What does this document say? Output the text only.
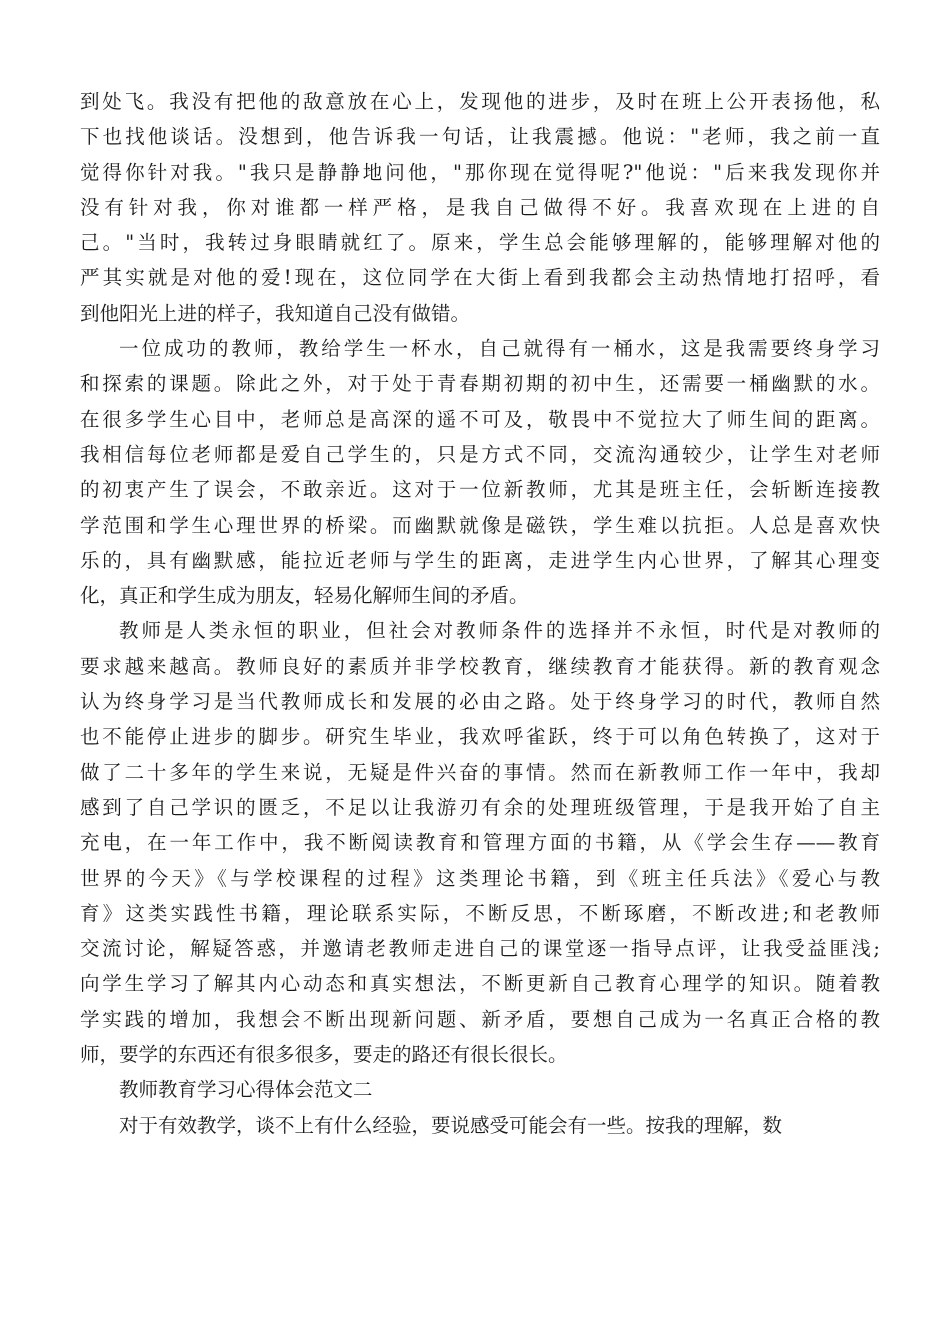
到处飞。我没有把他的敌意放在心上，发现他的进步，及时在班上公开表扬他，私
下也找他谈话。没想到，他告诉我一句话，让我震撼。他说："老师，我之前一直
觉得你针对我。"我只是静静地问他，"那你现在觉得呢?"他说："后来我发现你并
没有针对我，你对谁都一样严格，是我自己做得不好。我喜欢现在上进的自
己。"当时，我转过身眼睛就红了。原来，学生总会能够理解的，能够理解对他的
严其实就是对他的爱!现在，这位同学在大街上看到我都会主动热情地打招呼，看
到他阳光上进的样子，我知道自己没有做错。
一位成功的教师，教给学生一杯水，自己就得有一桶水，这是我需要终身学习
和探索的课题。除此之外，对于处于青春期初期的初中生，还需要一桶幽默的水。
在很多学生心目中，老师总是高深的遥不可及，敬畏中不觉拉大了师生间的距离。
我相信每位老师都是爱自己学生的，只是方式不同，交流沟通较少，让学生对老师
的初衷产生了误会，不敢亲近。这对于一位新教师，尤其是班主任，会斩断连接教
学范围和学生心理世界的桥梁。而幽默就像是磁铁，学生难以抗拒。人总是喜欢快
乐的，具有幽默感，能拉近老师与学生的距离，走进学生内心世界，了解其心理变
化，真正和学生成为朋友，轻易化解师生间的矛盾。
教师是人类永恒的职业，但社会对教师条件的选择并不永恒，时代是对教师的
要求越来越高。教师良好的素质并非学校教育，继续教育才能获得。新的教育观念
认为终身学习是当代教师成长和发展的必由之路。处于终身学习的时代，教师自然
也不能停止进步的脚步。研究生毕业，我欢呼雀跃，终于可以角色转换了，这对于
做了二十多年的学生来说，无疑是件兴奋的事情。然而在新教师工作一年中，我却
感到了自己学识的匮乏，不足以让我游刃有余的处理班级管理，于是我开始了自主
充电，在一年工作中，我不断阅读教育和管理方面的书籍，从《学会生存——教育
世界的今天》《与学校课程的过程》这类理论书籍，到《班主任兵法》《爱心与教
育》这类实践性书籍，理论联系实际，不断反思，不断琢磨，不断改进;和老教师
交流讨论，解疑答惑，并邀请老教师走进自己的课堂逐一指导点评，让我受益匪浅;
向学生学习了解其内心动态和真实想法，不断更新自己教育心理学的知识。随着教
学实践的增加，我想会不断出现新问题、新矛盾，要想自己成为一名真正合格的教
师，要学的东西还有很多很多，要走的路还有很长很长。
教师教育学习心得体会范文二
对于有效教学，谈不上有什么经验，要说感受可能会有一些。按我的理解，数
